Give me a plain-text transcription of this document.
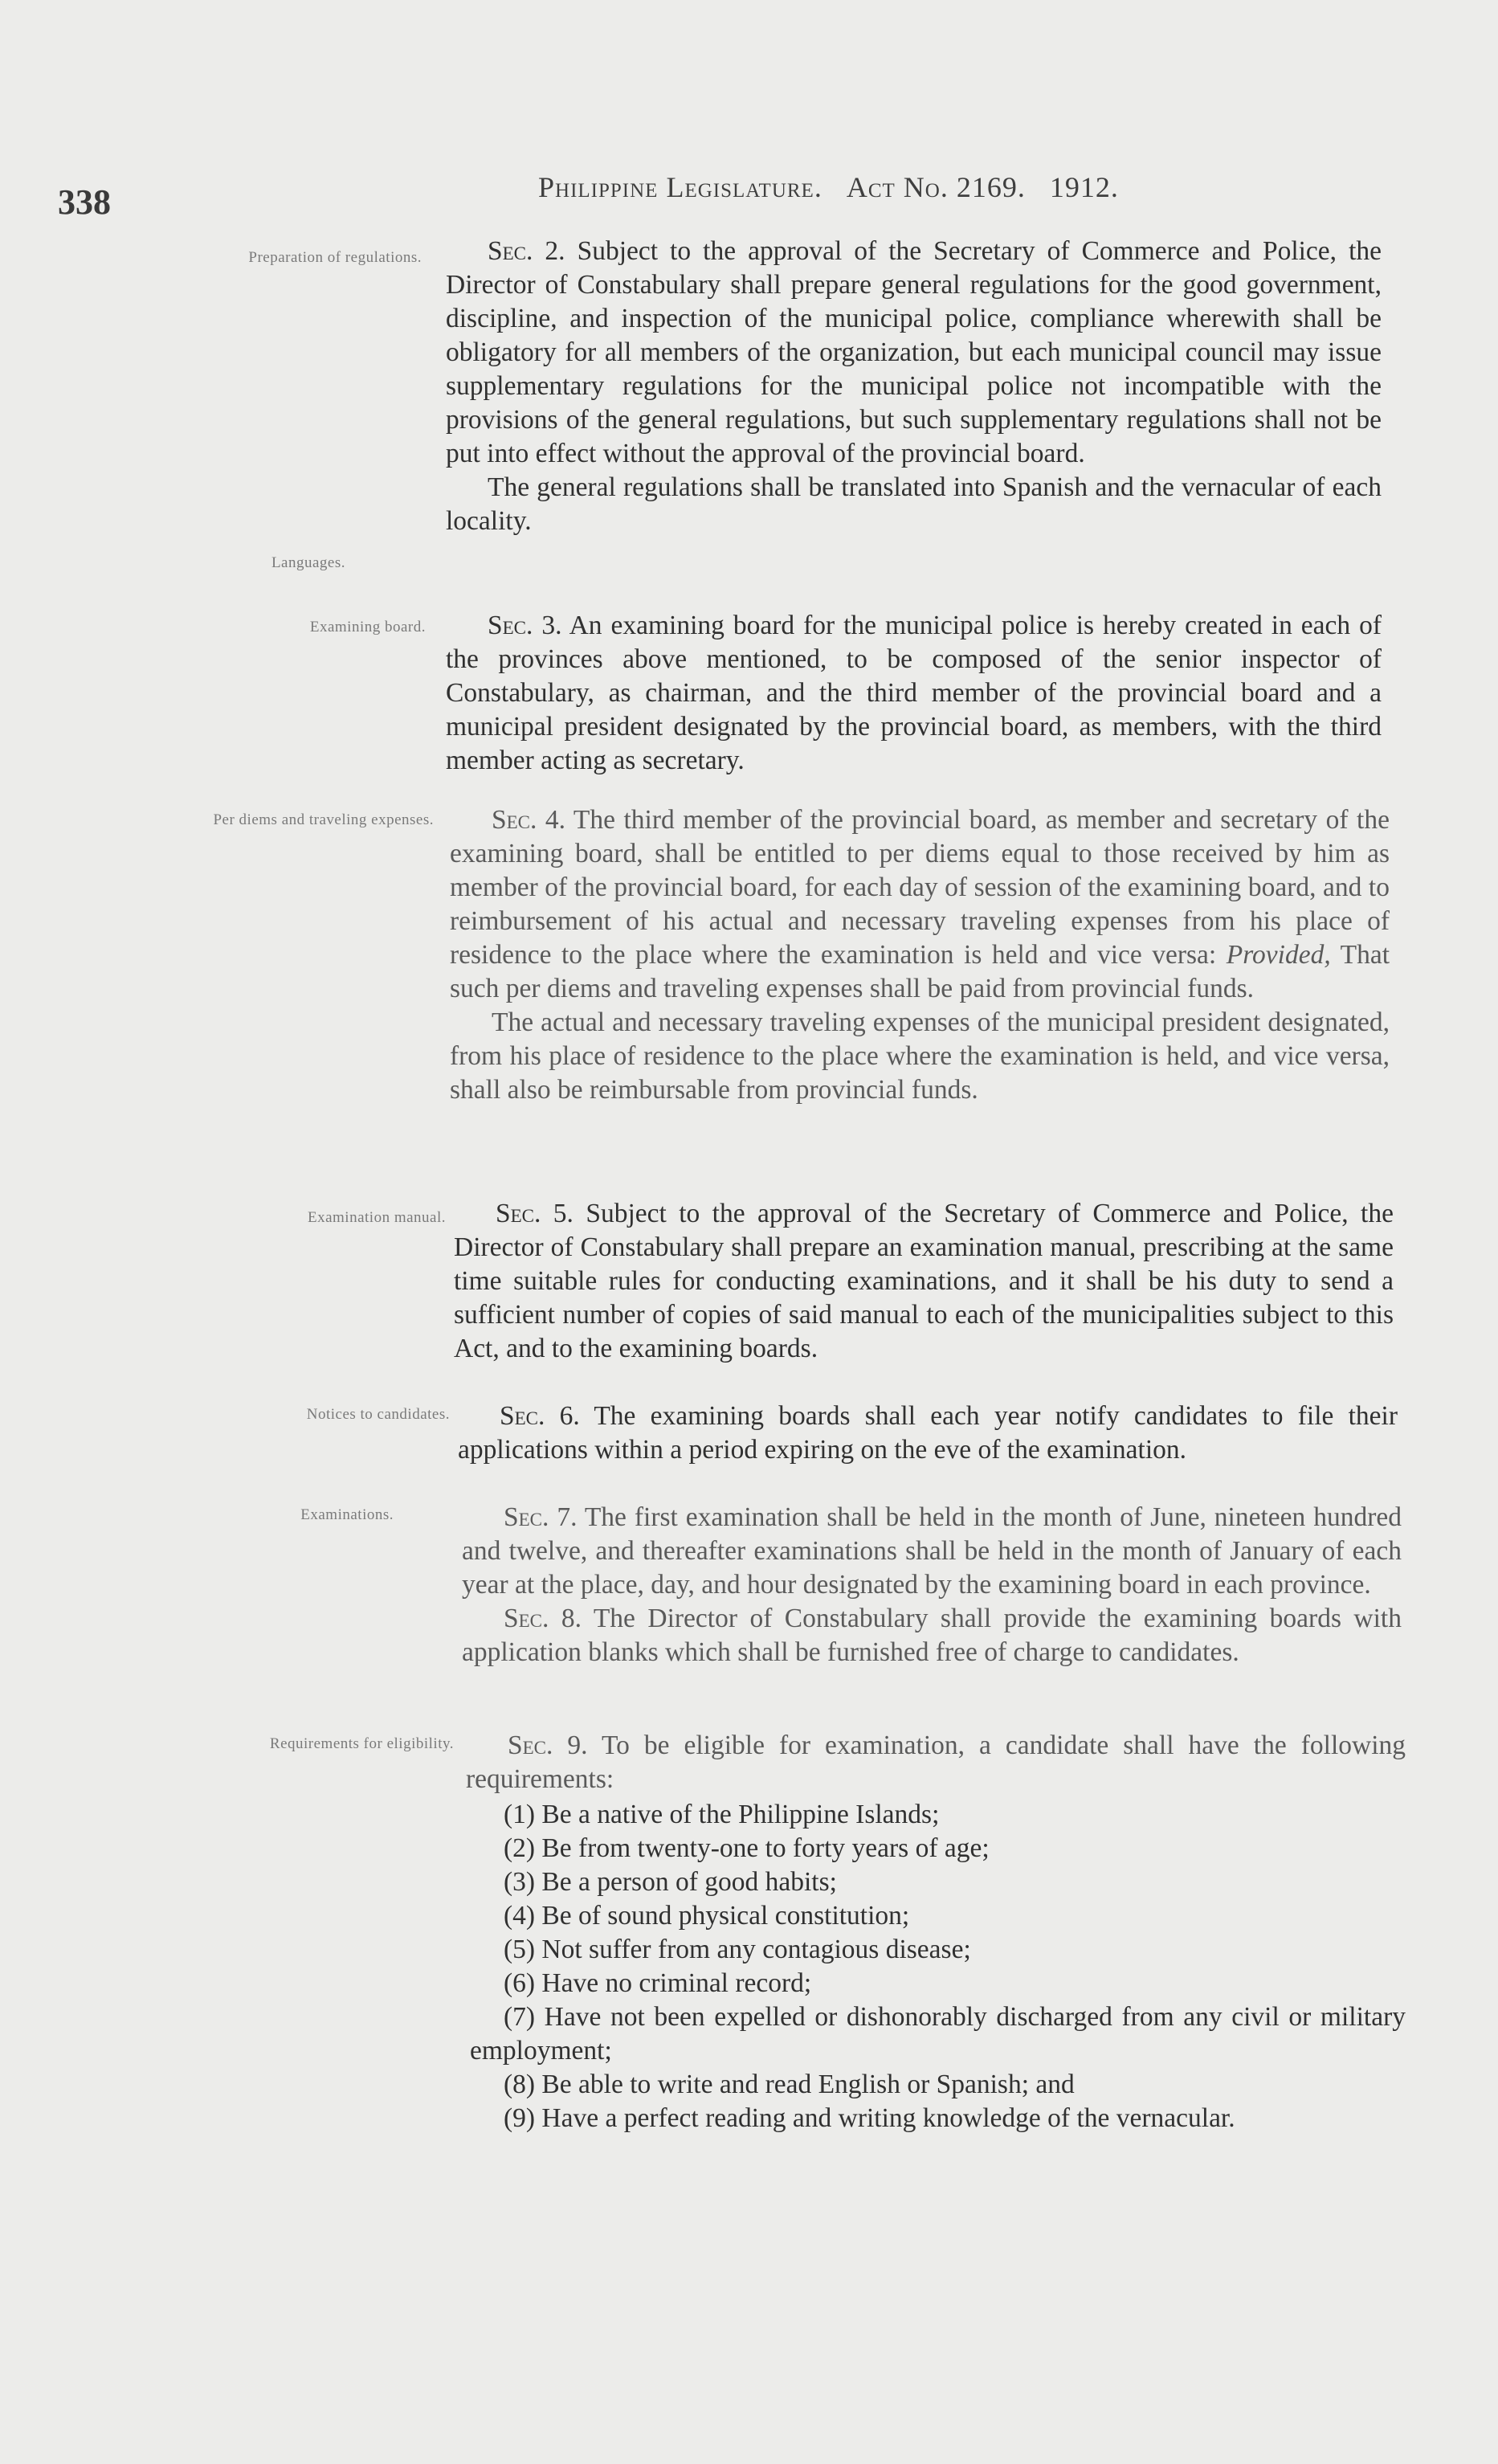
338	Philippine Legislature. Act No. 2169. 1912.
Preparation of regulations.
Languages.
Examining board.
Per diems and traveling expenses.
Examination manual.
Notices to candidates.
Examinations.
Requirements for eligibility.

Sec. 2. Subject to the approval of the Secretary of Commerce and Police, the Director of Constabulary shall prepare general regulations for the good government, discipline, and inspection of the municipal police, compliance wherewith shall be obligatory for all members of the organization, but each municipal council may issue supplementary regulations for the municipal police not incompatible with the provisions of the general regulations, but such supplementary regulations shall not be put into effect without the approval of the provincial board.

The general regulations shall be translated into Spanish and the vernacular of each locality.

Sec. 3. An examining board for the municipal police is hereby created in each of the provinces above mentioned, to be composed of the senior inspector of Constabulary, as chairman, and the third member of the provincial board and a municipal president designated by the provincial board, as members, with the third member acting as secretary.

Sec. 4. The third member of the provincial board, as member and secretary of the examining board, shall be entitled to per diems equal to those received by him as member of the provincial board, for each day of session of the examining board, and to reimbursement of his actual and necessary traveling expenses from his place of residence to the place where the examination is held and vice versa: Provided, That such per diems and traveling expenses shall be paid from provincial funds.

The actual and necessary traveling expenses of the municipal president designated, from his place of residence to the place where the examination is held, and vice versa, shall also be reimbursable from provincial funds.

Sec. 5. Subject to the approval of the Secretary of Commerce and Police, the Director of Constabulary shall prepare an examination manual, prescribing at the same time suitable rules for conducting examinations, and it shall be his duty to send a sufficient number of copies of said manual to each of the municipalities subject to this Act, and to the examining boards.

Sec. 6. The examining boards shall each year notify candidates to file their applications within a period expiring on the eve of the examination.

Sec. 7. The first examination shall be held in the month of June, nineteen hundred and twelve, and thereafter examinations shall be held in the month of January of each year at the place, day, and hour designated by the examining board in each province.

Sec. 8. The Director of Constabulary shall provide the examining boards with application blanks which shall be furnished free of charge to candidates.

Sec. 9. To be eligible for examination, a candidate shall have the following requirements:

(1) Be a native of the Philippine Islands;

(2) Be from twenty-one to forty years of age;

(3) Be a person of good habits;

(4) Be of sound physical constitution;

(5) Not suffer from any contagious disease;

(6) Have no criminal record;

(7) Have not been expelled or dishonorably discharged from any civil or military employment;

(8) Be able to write and read English or Spanish; and

(9) Have a perfect reading and writing knowledge of the vernacular.
